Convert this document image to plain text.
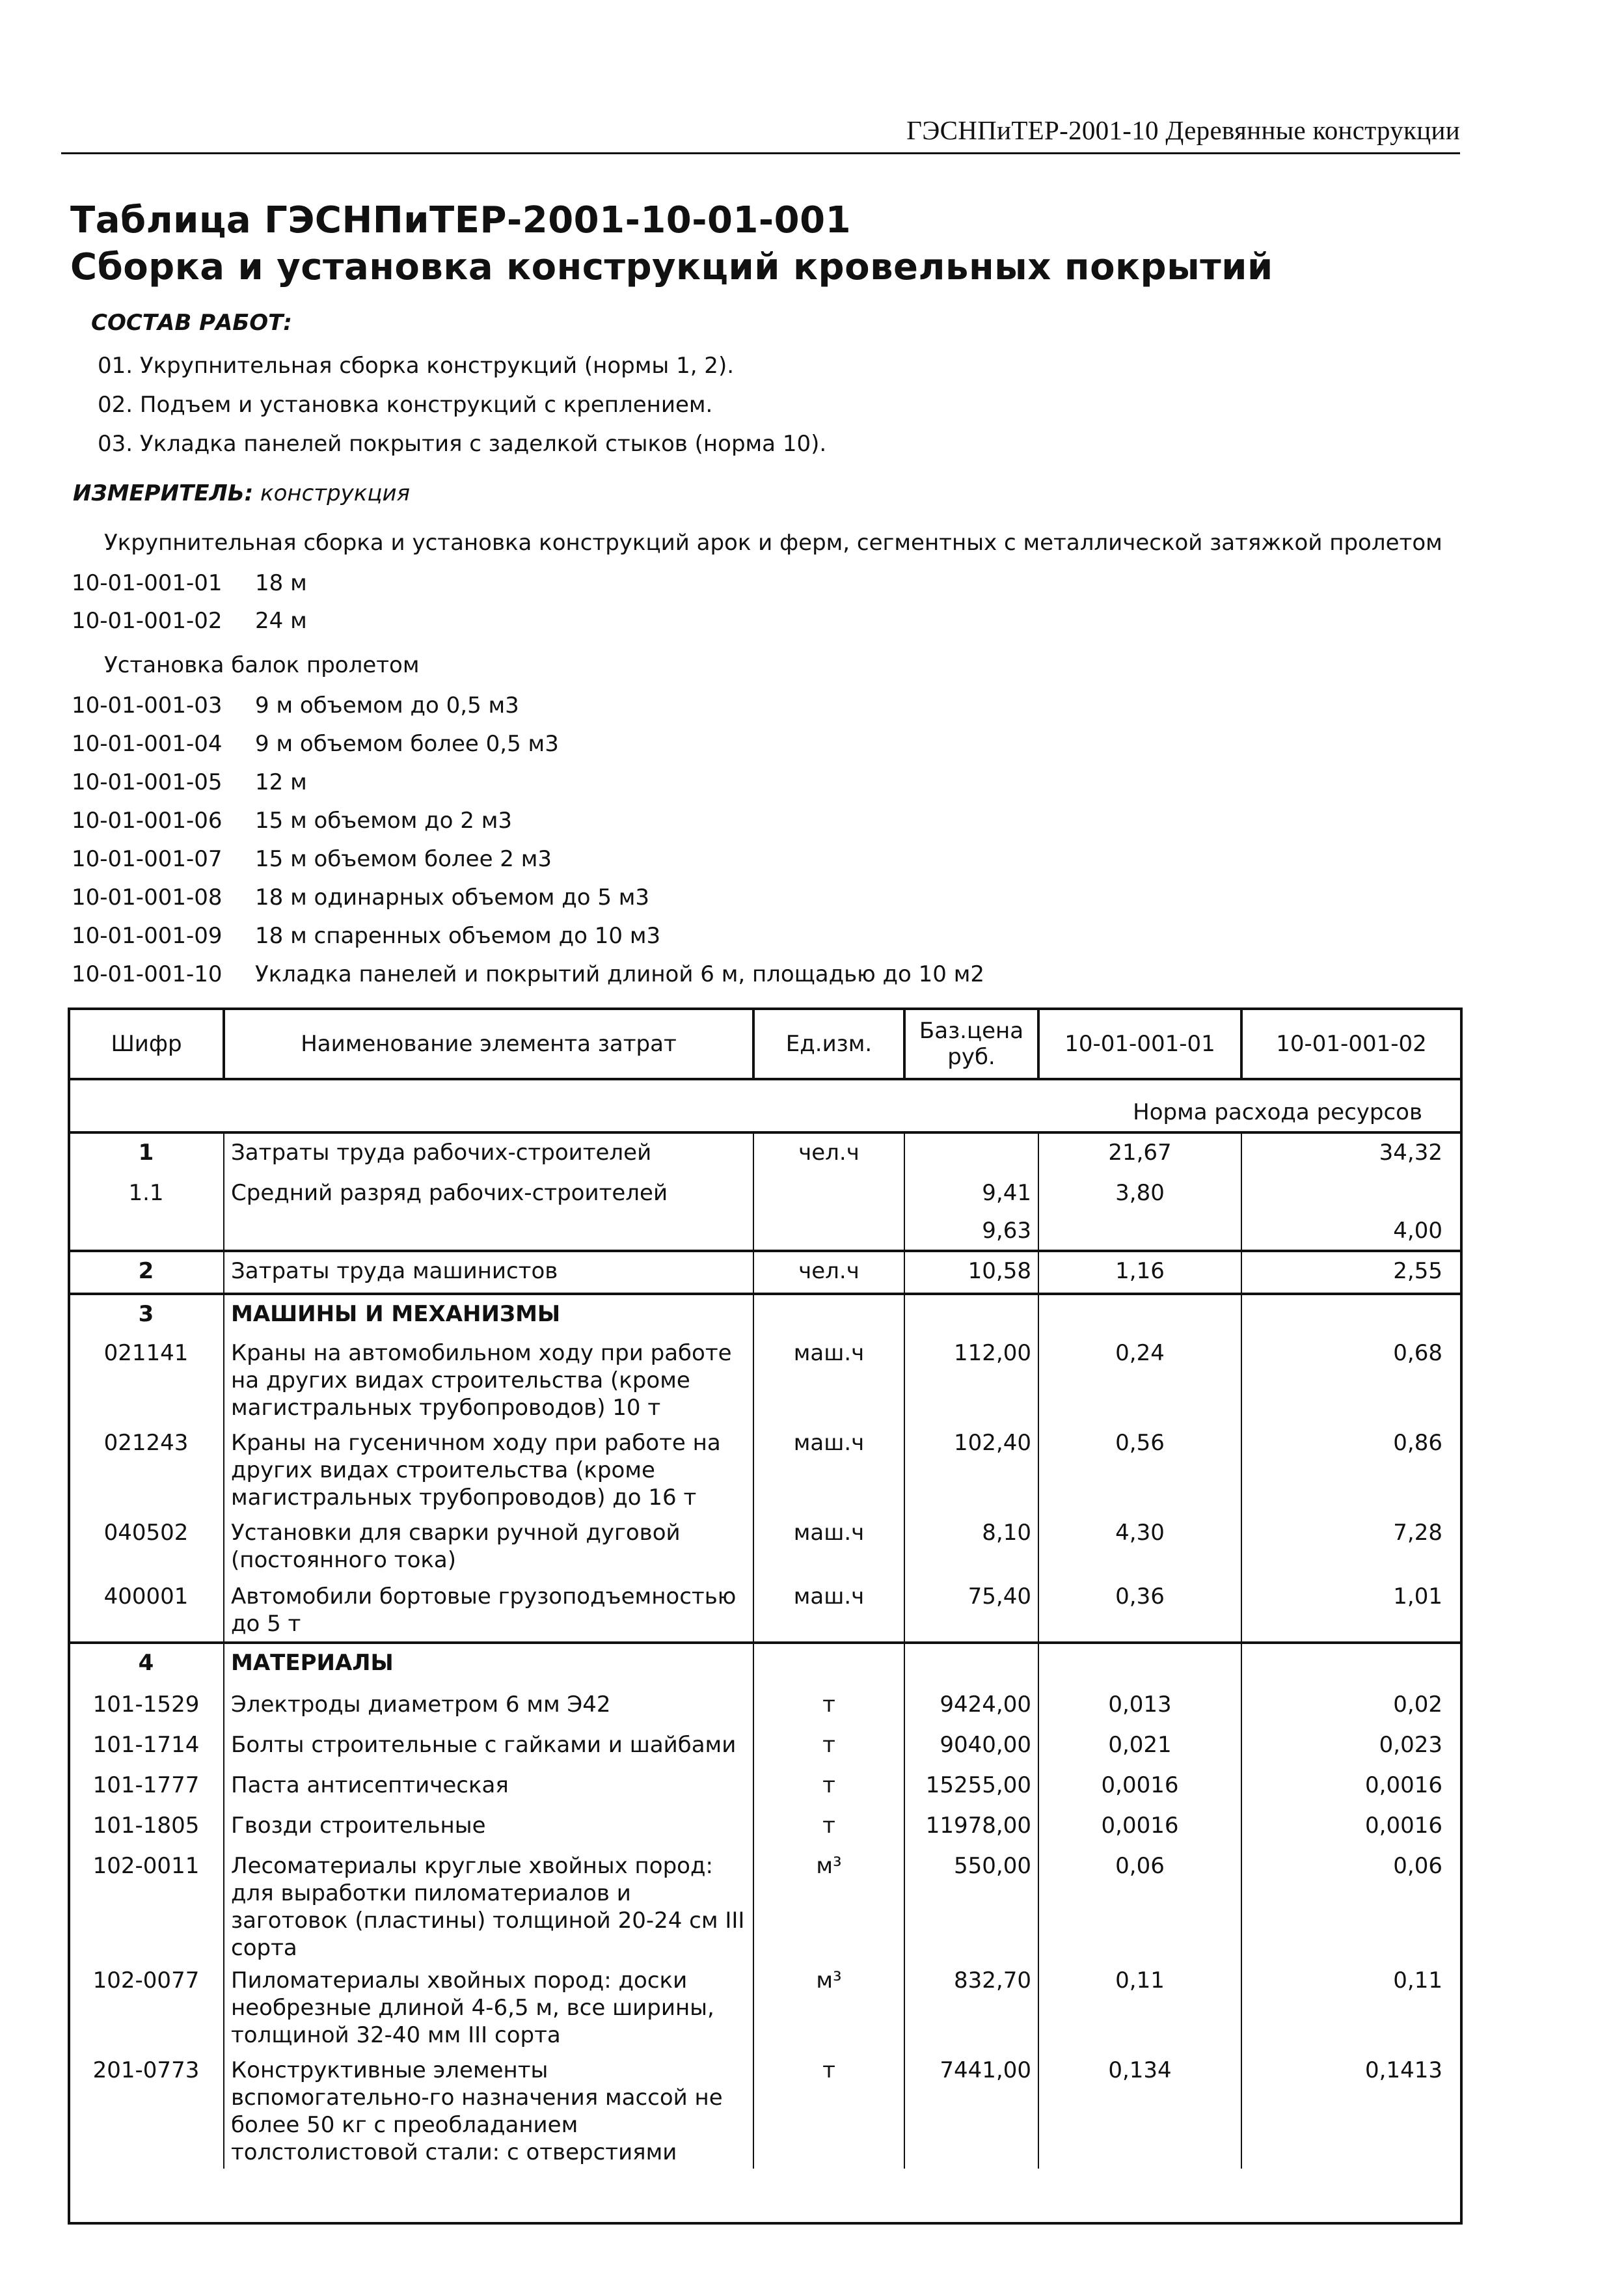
ГЭСНПиТЕР-2001-10 Деревянные конструкции
Таблица ГЭСНПиТЕР-2001-10-01-001
Сборка и установка конструкций кровельных покрытий
СОСТАВ РАБОТ:
01. Укрупнительная сборка конструкций (нормы 1, 2).
02. Подъем и установка конструкций с креплением.
03. Укладка панелей покрытия с заделкой стыков (норма 10).
ИЗМЕРИТЕЛЬ: конструкция
Укрупнительная сборка и установка конструкций арок и ферм, сегментных с металлической затяжкой пролетом
10-01-001-01 18 м
10-01-001-02 24 м
Установка балок пролетом
10-01-001-03 9 м объемом до 0,5 м3
10-01-001-04 9 м объемом более 0,5 м3
10-01-001-05 12 м
10-01-001-06 15 м объемом до 2 м3
10-01-001-07 15 м объемом более 2 м3
10-01-001-08 18 м одинарных объемом до 5 м3
10-01-001-09 18 м спаренных объемом до 10 м3
10-01-001-10 Укладка панелей и покрытий длиной 6 м, площадью до 10 м2
Шифр	Наименование элемента затрат	Ед.изм.	Баз.цена руб.	10-01-001-01	10-01-001-02
Норма расхода ресурсов					
1	Затраты труда рабочих-строителей	чел.ч		21,67	34,32
1.1	Средний разряд рабочих-строителей		9,41	3,80	
			9,63		4,00
2	Затраты труда машинистов	чел.ч	10,58	1,16	2,55
3	МАШИНЫ И МЕХАНИЗМЫ				
021141	Краны на автомобильном ходу при работе на других видах строительства (кроме магистральных трубопроводов) 10 т	маш.ч	112,00	0,24	0,68
021243	Краны на гусеничном ходу при работе на других видах строительства (кроме магистральных трубопроводов) до 16 т	маш.ч	102,40	0,56	0,86
040502	Установки для сварки ручной дуговой (постоянного тока)	маш.ч	8,10	4,30	7,28
400001	Автомобили бортовые грузоподъемностью до 5 т	маш.ч	75,40	0,36	1,01
4	МАТЕРИАЛЫ				
101-1529	Электроды диаметром 6 мм Э42	т	9424,00	0,013	0,02
101-1714	Болты строительные с гайками и шайбами	т	9040,00	0,021	0,023
101-1777	Паста антисептическая	т	15255,00	0,0016	0,0016
101-1805	Гвозди строительные	т	11978,00	0,0016	0,0016
102-0011	Лесоматериалы круглые хвойных пород: для выработки пиломатериалов и заготовок (пластины) толщиной 20-24 см III сорта	м³	550,00	0,06	0,06
102-0077	Пиломатериалы хвойных пород: доски необрезные длиной 4-6,5 м, все ширины, толщиной 32-40 мм III сорта	м³	832,70	0,11	0,11
201-0773	Конструктивные элементы вспомогательно-го назначения массой не более 50 кг с преобладанием толстолистовой стали: с отверстиями	т	7441,00	0,134	0,1413
